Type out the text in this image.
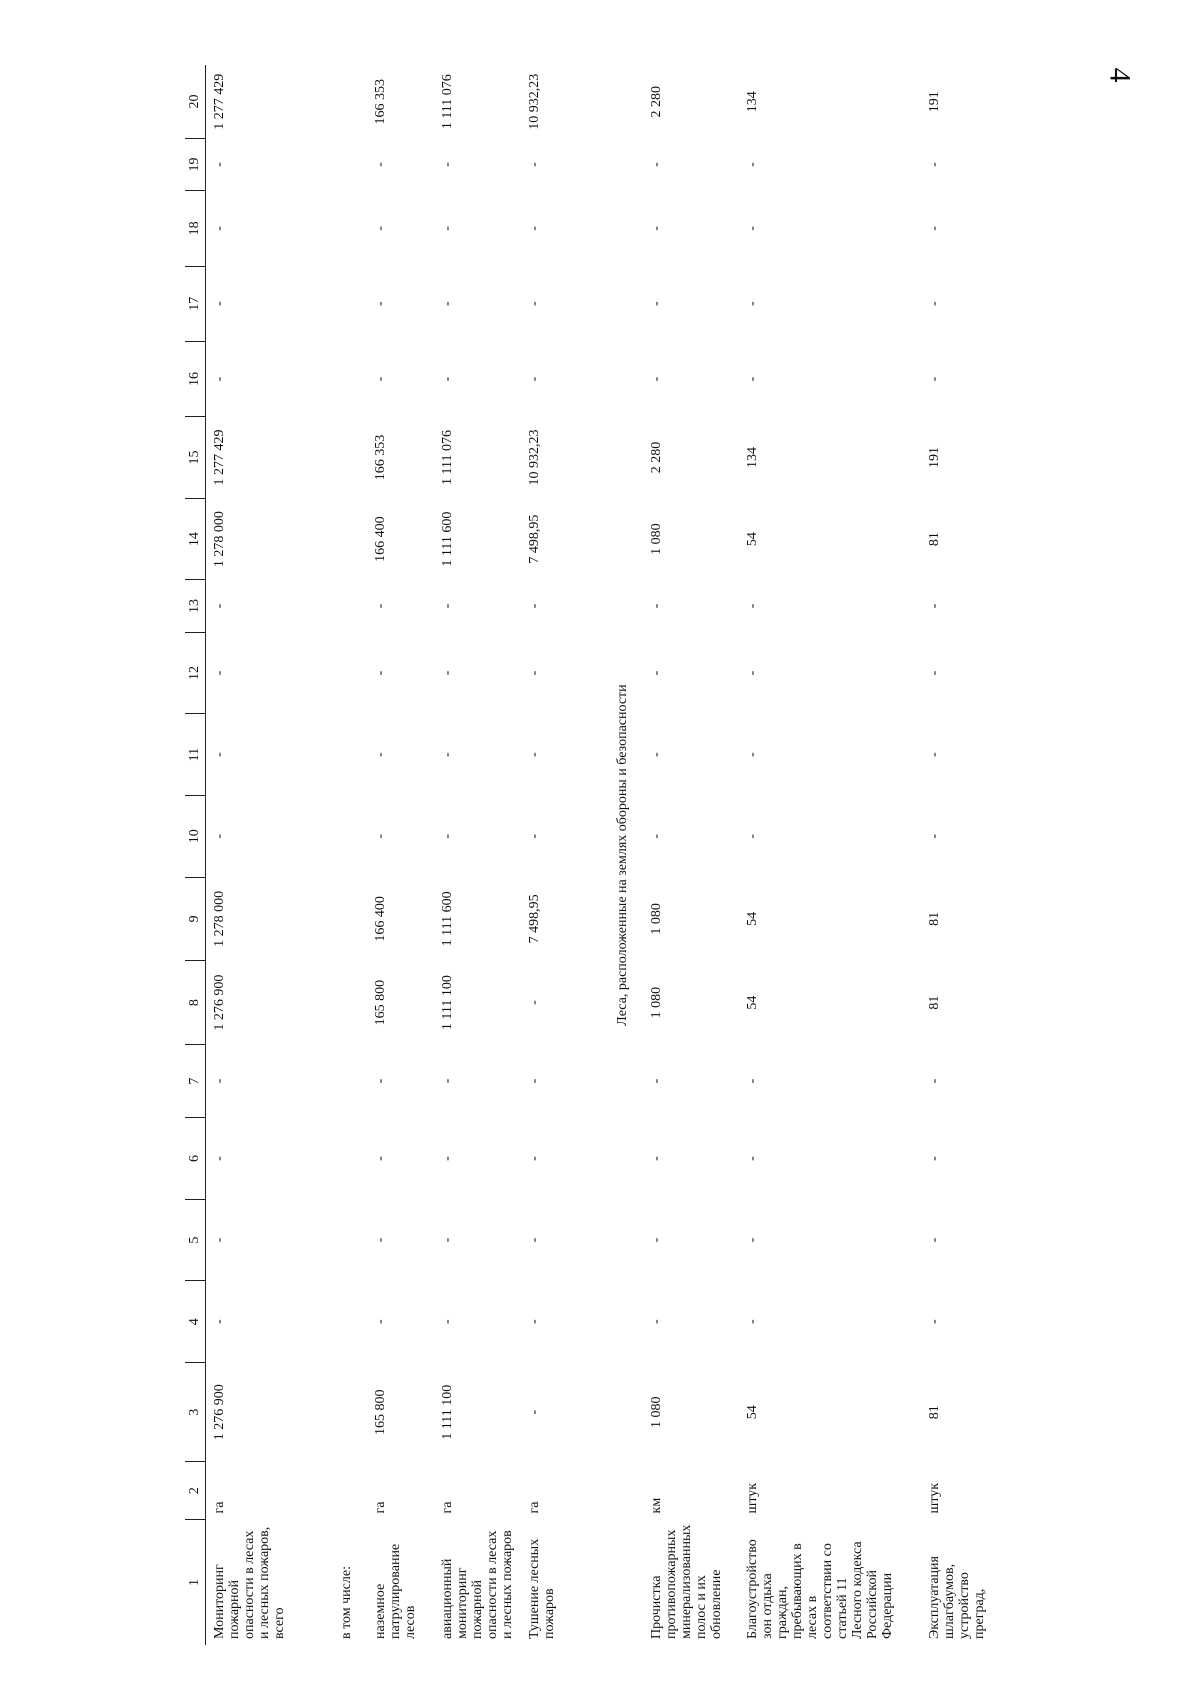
4
1	2	3	4	5	6	7	8	9	10	11	12	13	14	15	16	17	18	19	20
Мониторинг пожарной опасности в лесах и лесных пожаров, всего	га	1 276 900	-	-	-	-	1 276 900	1 278 000	-	-	-	-	1 278 000	1 277 429	-	-	-	-	1 277 429
в том числе:																			
наземное патрулирование лесов	га	165 800	-	-	-	-	165 800	166 400	-	-	-	-	166 400	166 353	-	-	-	-	166 353
авиационный мониторинг пожарной опасности в лесах и лесных пожаров	га	1 111 100	-	-	-	-	1 111 100	1 111 600	-	-	-	-	1 111 600	1 111 076	-	-	-	-	1 111 076
Тушение лесных пожаров	га	-	-	-	-	-	-	7 498,95	-	-	-	-	7 498,95	10 932,23	-	-	-	-	10 932,23
Леса, расположенные на землях обороны и безопасности																			
Прочистка противопожарных минерализованных полос и их обновление	км	1 080	-	-	-	-	1 080	1 080	-	-	-	-	1 080	2 280	-	-	-	-	2 280
Благоустройство зон отдыха граждан, пребывающих в лесах в соответствии со статьей 11 Лесного кодекса Российской Федерации	штук	54	-	-	-	-	54	54	-	-	-	-	54	134	-	-	-	-	134
Эксплуатация шлагбаумов, устройство преград,	штук	81	-	-	-	-	81	81	-	-	-	-	81	191	-	-	-	-	191
